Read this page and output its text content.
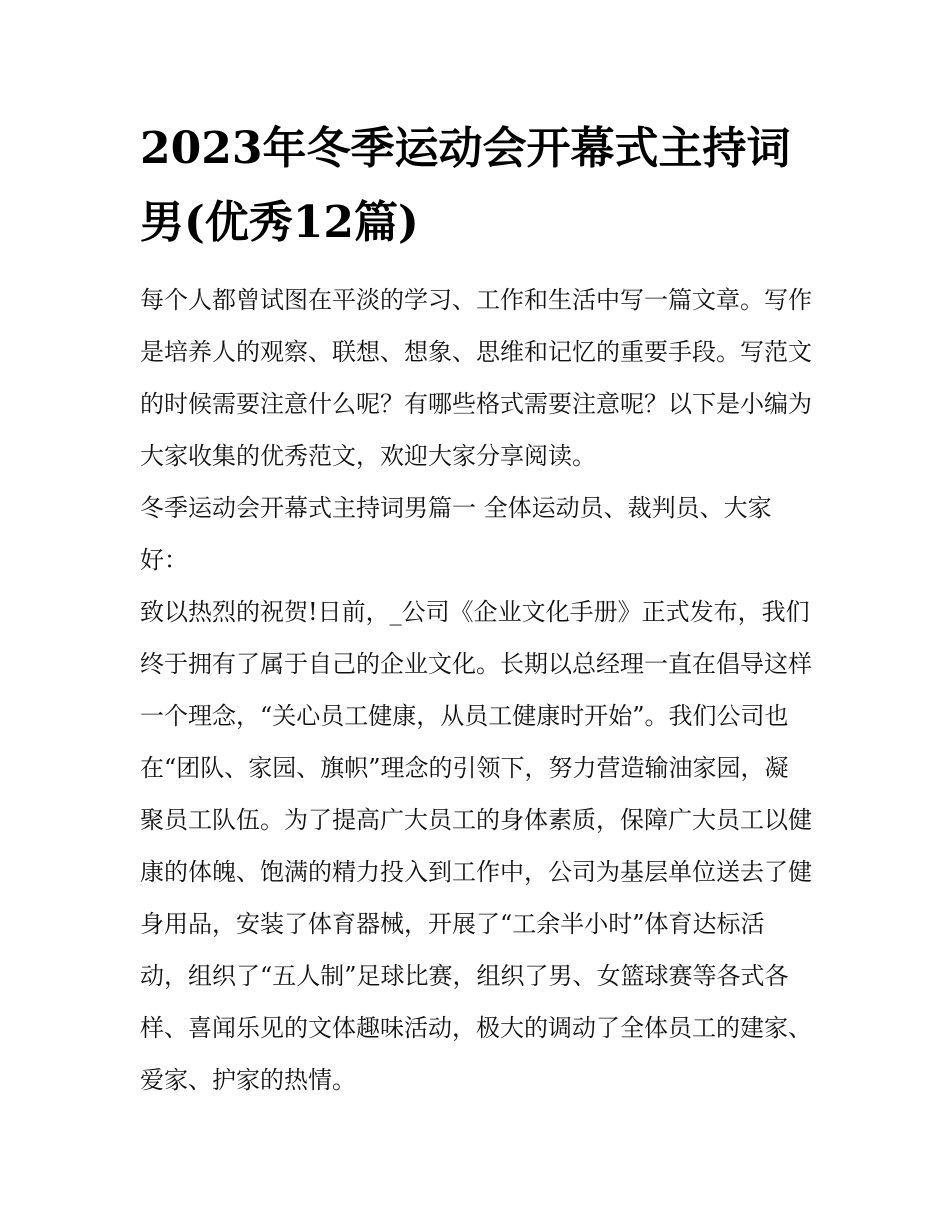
2023年冬季运动会开幕式主持词男(优秀12篇)

每个人都曾试图在平淡的学习、工作和生活中写一篇文章。写作是培养人的观察、联想、想象、思维和记忆的重要手段。写范文的时候需要注意什么呢？有哪些格式需要注意呢？以下是小编为大家收集的优秀范文，欢迎大家分享阅读。

冬季运动会开幕式主持词男篇一 全体运动员、裁判员、大家好：

致以热烈的祝贺!日前，_公司《企业文化手册》正式发布，我们终于拥有了属于自己的企业文化。长期以总经理一直在倡导这样一个理念，“关心员工健康，从员工健康时开始”。我们公司也在“团队、家园、旗帜”理念的引领下，努力营造输油家园，凝聚员工队伍。为了提高广大员工的身体素质，保障广大员工以健康的体魄、饱满的精力投入到工作中，公司为基层单位送去了健身用品，安装了体育器械，开展了“工余半小时”体育达标活动，组织了“五人制”足球比赛，组织了男、女篮球赛等各式各样、喜闻乐见的文体趣味活动，极大的调动了全体员工的建家、爱家、护家的热情。
